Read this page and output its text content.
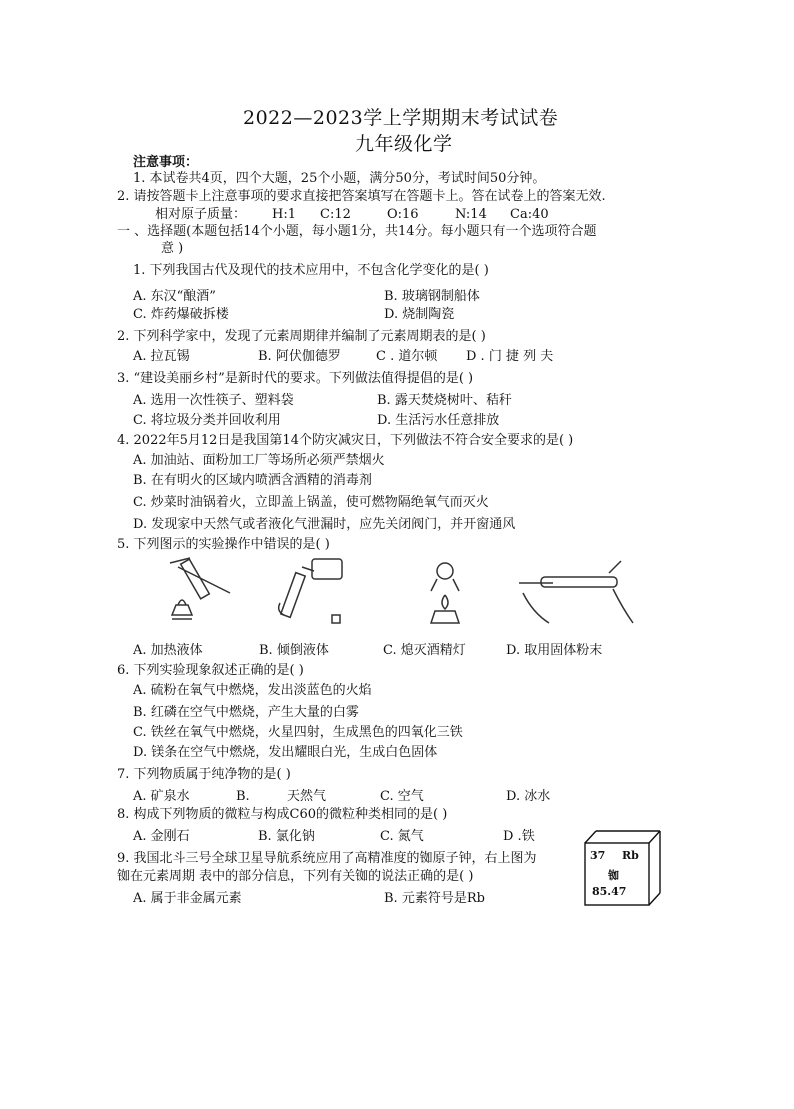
2022—2023学上学期期末考试试卷
九年级化学
注意事项：
1. 本试卷共4页，四个大题，25个小题，满分50分，考试时间50分钟。
2. 请按答题卡上注意事项的要求直接把答案填写在答题卡上。答在试卷上的答案无效.
相对原子质量： H:1 C:12	O:16	N:14 Ca:40
一 、选择题(本题包括14个小题，每小题1分，共14分。每小题只有一个选项符合题
意 )
1. 下列我国古代及现代的技术应用中，不包含化学变化的是( )
A. 东汉“酿酒”	B. 玻璃钢制船体
C. 炸药爆破拆楼	D. 烧制陶瓷
2. 下列科学家中，发现了元素周期律并编制了元素周期表的是( )
A. 拉瓦锡	B. 阿伏伽德罗	C . 道尔顿 D . 门 捷 列 夫
3. “建设美丽乡村”是新时代的要求。下列做法值得提倡的是( )
A. 选用一次性筷子、塑料袋	B. 露天焚烧树叶、秸秆
C. 将垃圾分类并回收利用	D. 生活污水任意排放
4. 2022年5月12日是我国第14个防灾减灾日，下列做法不符合安全要求的是( )
A. 加油站、面粉加工厂等场所必须严禁烟火
B. 在有明火的区域内喷洒含酒精的消毒剂
C. 炒菜时油锅着火，立即盖上锅盖，使可燃物隔绝氧气而灭火
D. 发现家中天然气或者液化气泄漏时，应先关闭阀门，并开窗通风
5. 下列图示的实验操作中错误的是( )
A. 加热液体	B. 倾倒液体	C. 熄灭酒精灯	D. 取用固体粉末
6. 下列实验现象叙述正确的是( )
A. 硫粉在氧气中燃烧，发出淡蓝色的火焰
B. 红磷在空气中燃烧，产生大量的白雾
C. 铁丝在氧气中燃烧，火星四射，生成黑色的四氧化三铁
D. 镁条在空气中燃烧，发出耀眼白光，生成白色固体
7. 下列物质属于纯净物的是( )
A. 矿泉水	B.	天然气	C. 空气	D. 冰水
8. 构成下列物质的微粒与构成C60的微粒种类相同的是( )
A. 金刚石	B. 氯化钠	C. 氮气	D .铁
9. 我国北斗三号全球卫星导航系统应用了高精准度的铷原子钟，右上图为
铷在元素周期 表中的部分信息，下列有关铷的说法正确的是( )
A. 属于非金属元素	B. 元素符号是Rb
37 Rb
铷
85.47
